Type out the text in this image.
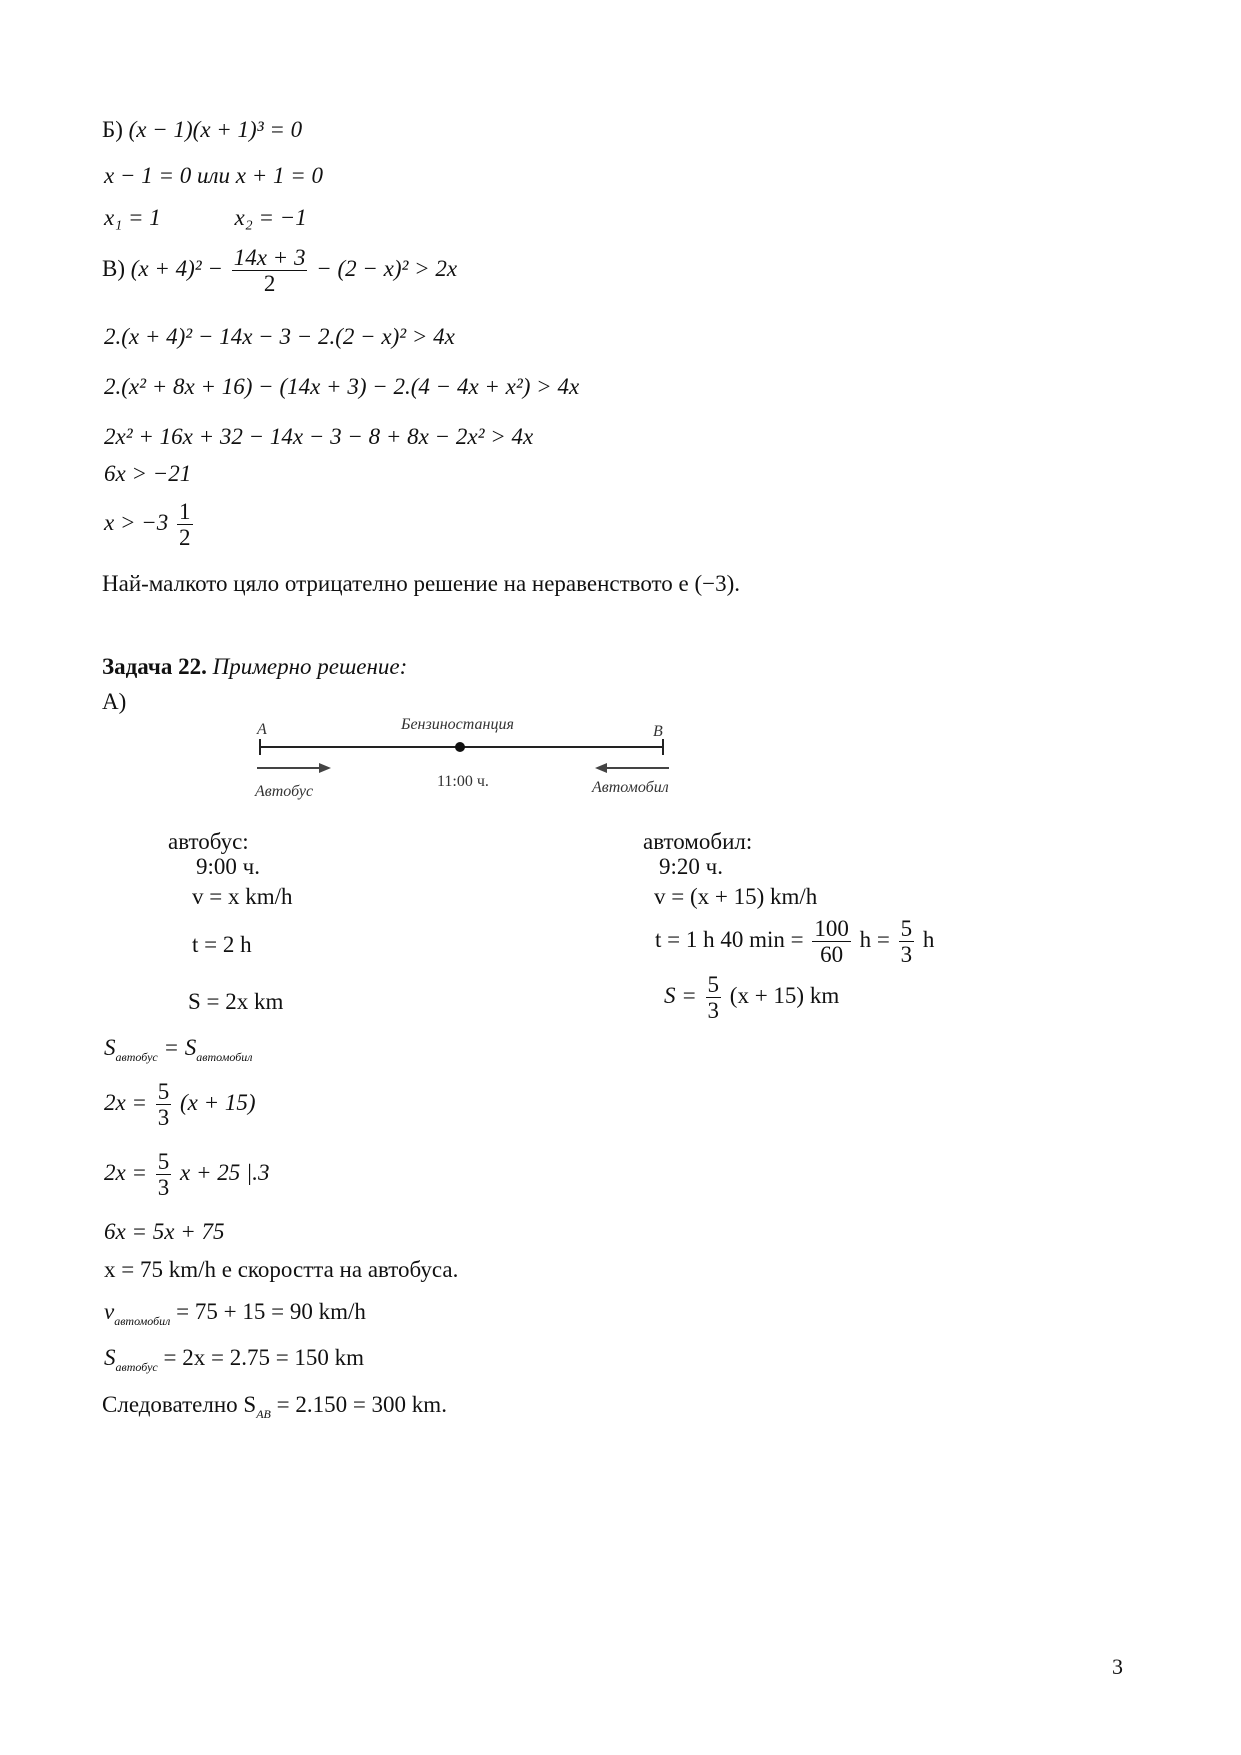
Б) (x − 1)(x + 1)³ = 0
x − 1 = 0 или x + 1 = 0
x₁ = 1	x₂ = −1
В) $(x + 4)^2 - \frac{14x + 3}{2} - (2 - x)^2 > 2x$
2.(x + 4)² − 14x − 3 − 2.(2 − x)² > 4x
2.(x² + 8x + 16) − (14x + 3) − 2.(4 − 4x + x²) > 4x
2x² + 16x + 32 − 14x − 3 − 8 + 8x − 2x² > 4x
6x > −21
$x > -3 \frac{1}{2}$
Най-малкото цяло отрицателно решение на неравенството е (−3).
Задача 22. Примерно решение:
А)
A	Бензиностанция	B
11:00 ч.
Автобус	Автомобил
автобус:
9:00 ч.
v = x km/h
t = 2 h
S = 2x km
автомобил:
9:20 ч.
v = (x + 15) km/h
t = 1 h 40 $\min = \frac{100}{60}$ $h = \frac{5}{3}$ h
$S = \frac{5}{3} (x + 15)$ km
$S_{автобус} = S_{автомобил}$
$2x = \frac{5}{3} (x + 15)$
$2x = \frac{5}{3}$ x + 25 |.3
6x = 5x + 75
x = 75 km/h е скоростта на автобуса.
$v_{автомобил} = 75 + 15 = 90$ km/h
$S_{автобус} = 2x = 2.75 = 150$ km
Следователно $S_{AB} = 2.150 = 300$ km.
3
